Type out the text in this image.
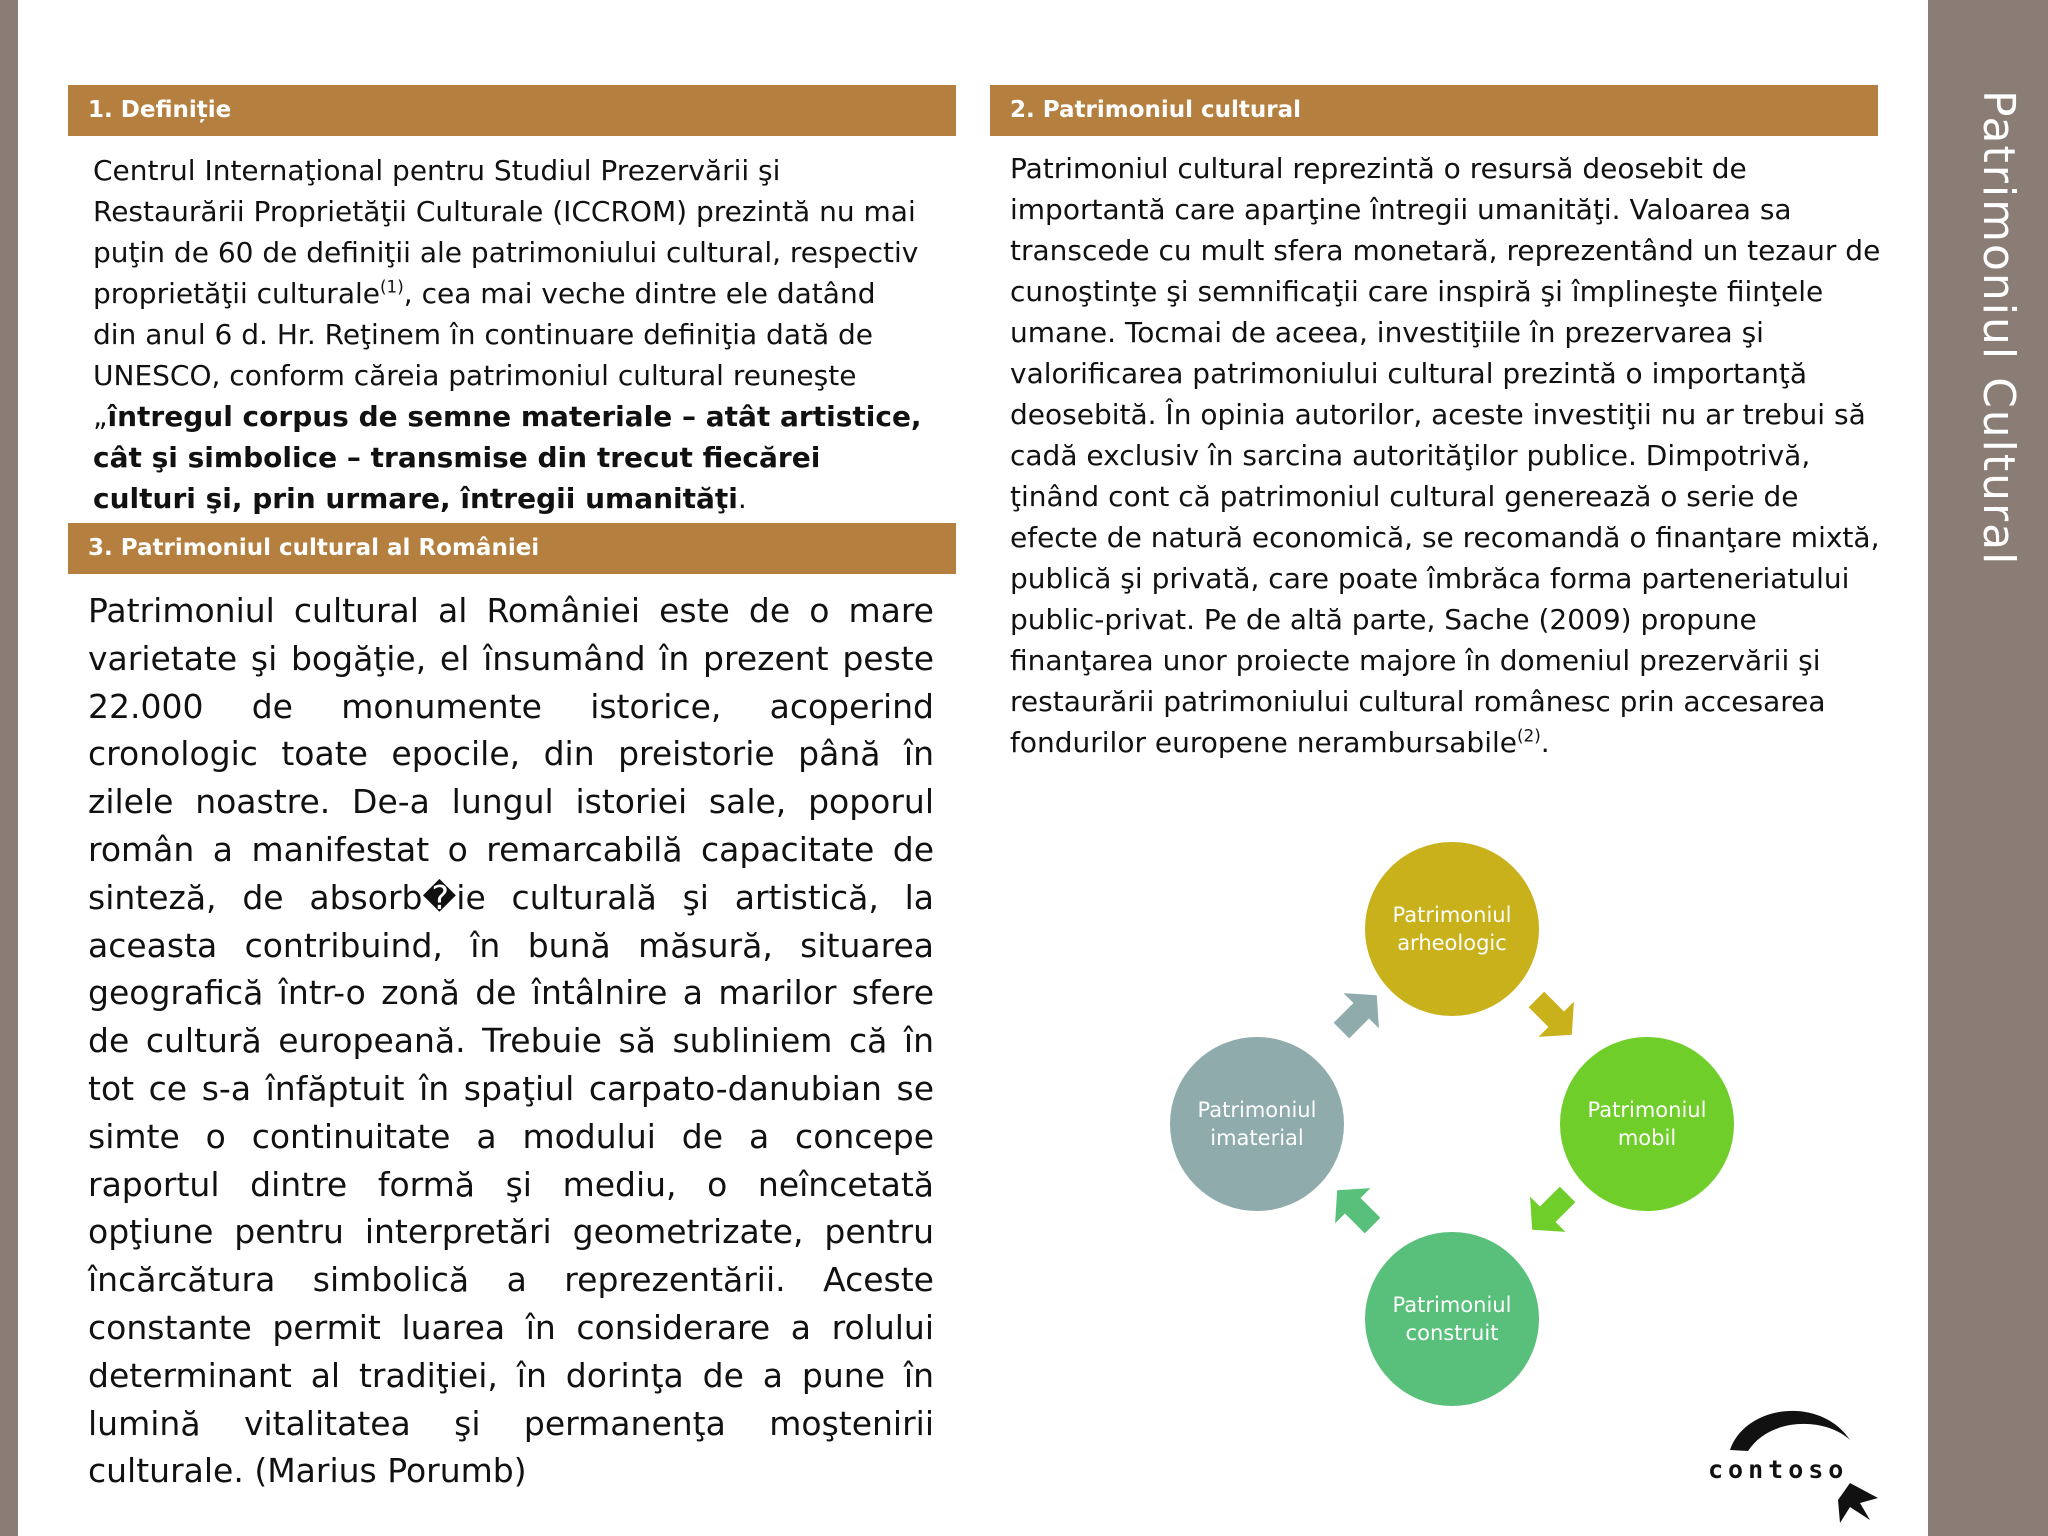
Patrimoniul Cultural
1. Definiție	2. Patrimoniul cultural
3. Patrimoniul cultural al României
Centrul Internaţional pentru Studiul Prezervării şi Restaurării Proprietăţii Culturale (ICCROM) prezintă nu mai puţin de 60 de definiţii ale patrimoniului cultural, respectiv proprietăţii culturale$^{(1)}$, cea mai veche dintre ele datând din anul 6 d. Hr. Reţinem în continuare definiţia dată de UNESCO, conform căreia patrimoniul cultural reuneşte „întregul corpus de semne materiale – atât artistice, cât şi simbolice – transmise din trecut fiecărei culturi şi, prin urmare, întregii umanităţi.
Patrimoniul cultural reprezintă o resursă deosebit de importantă care aparţine întregii umanităţi. Valoarea sa transcede cu mult sfera monetară, reprezentând un tezaur de cunoştinţe şi semnificaţii care inspiră şi împlineşte fiinţele umane. Tocmai de aceea, investiţiile în prezervarea şi valorificarea patrimoniului cultural prezintă o importanţă deosebită. În opinia autorilor, aceste investiţii nu ar trebui să cadă exclusiv în sarcina autorităţilor publice. Dimpotrivă, ţinând cont că patrimoniul cultural generează o serie de efecte de natură economică, se recomandă o finanţare mixtă, publică şi privată, care poate îmbrăca forma parteneriatului public-privat. Pe de altă parte, Sache (2009) propune finanţarea unor proiecte majore în domeniul prezervării şi restaurării patrimoniului cultural românesc prin accesarea fondurilor europene nerambursabile$^{(2)}$.
Patrimoniul cultural al României este de o mare varietate şi bogăţie, el însumând în prezent peste 22.000 de monumente istorice, acoperind cronologic toate epocile, din preistorie până în zilele noastre. De-a lungul istoriei sale, poporul român a manifestat o remarcabilă capacitate de sinteză, de absorb�ie culturală şi artistică, la aceasta contribuind, în bună măsură, situarea geografică într-o zonă de întâlnire a marilor sfere de cultură europeană. Trebuie să subliniem că în tot ce s-a înfăptuit în spaţiul carpato-danubian se simte o continuitate a modului de a concepe raportul dintre formă şi mediu, o neîncetată opţiune pentru interpretări geometrizate, pentru încărcătura simbolică a reprezentării. Aceste constante permit luarea în considerare a rolului determinant al tradiţiei, în dorinţa de a pune în lumină vitalitatea şi permanenţa moştenirii culturale. (Marius Porumb)
Patrimoniul arheologic
Patrimoniul mobil
Patrimoniul construit
Patrimoniul imaterial
contoso
